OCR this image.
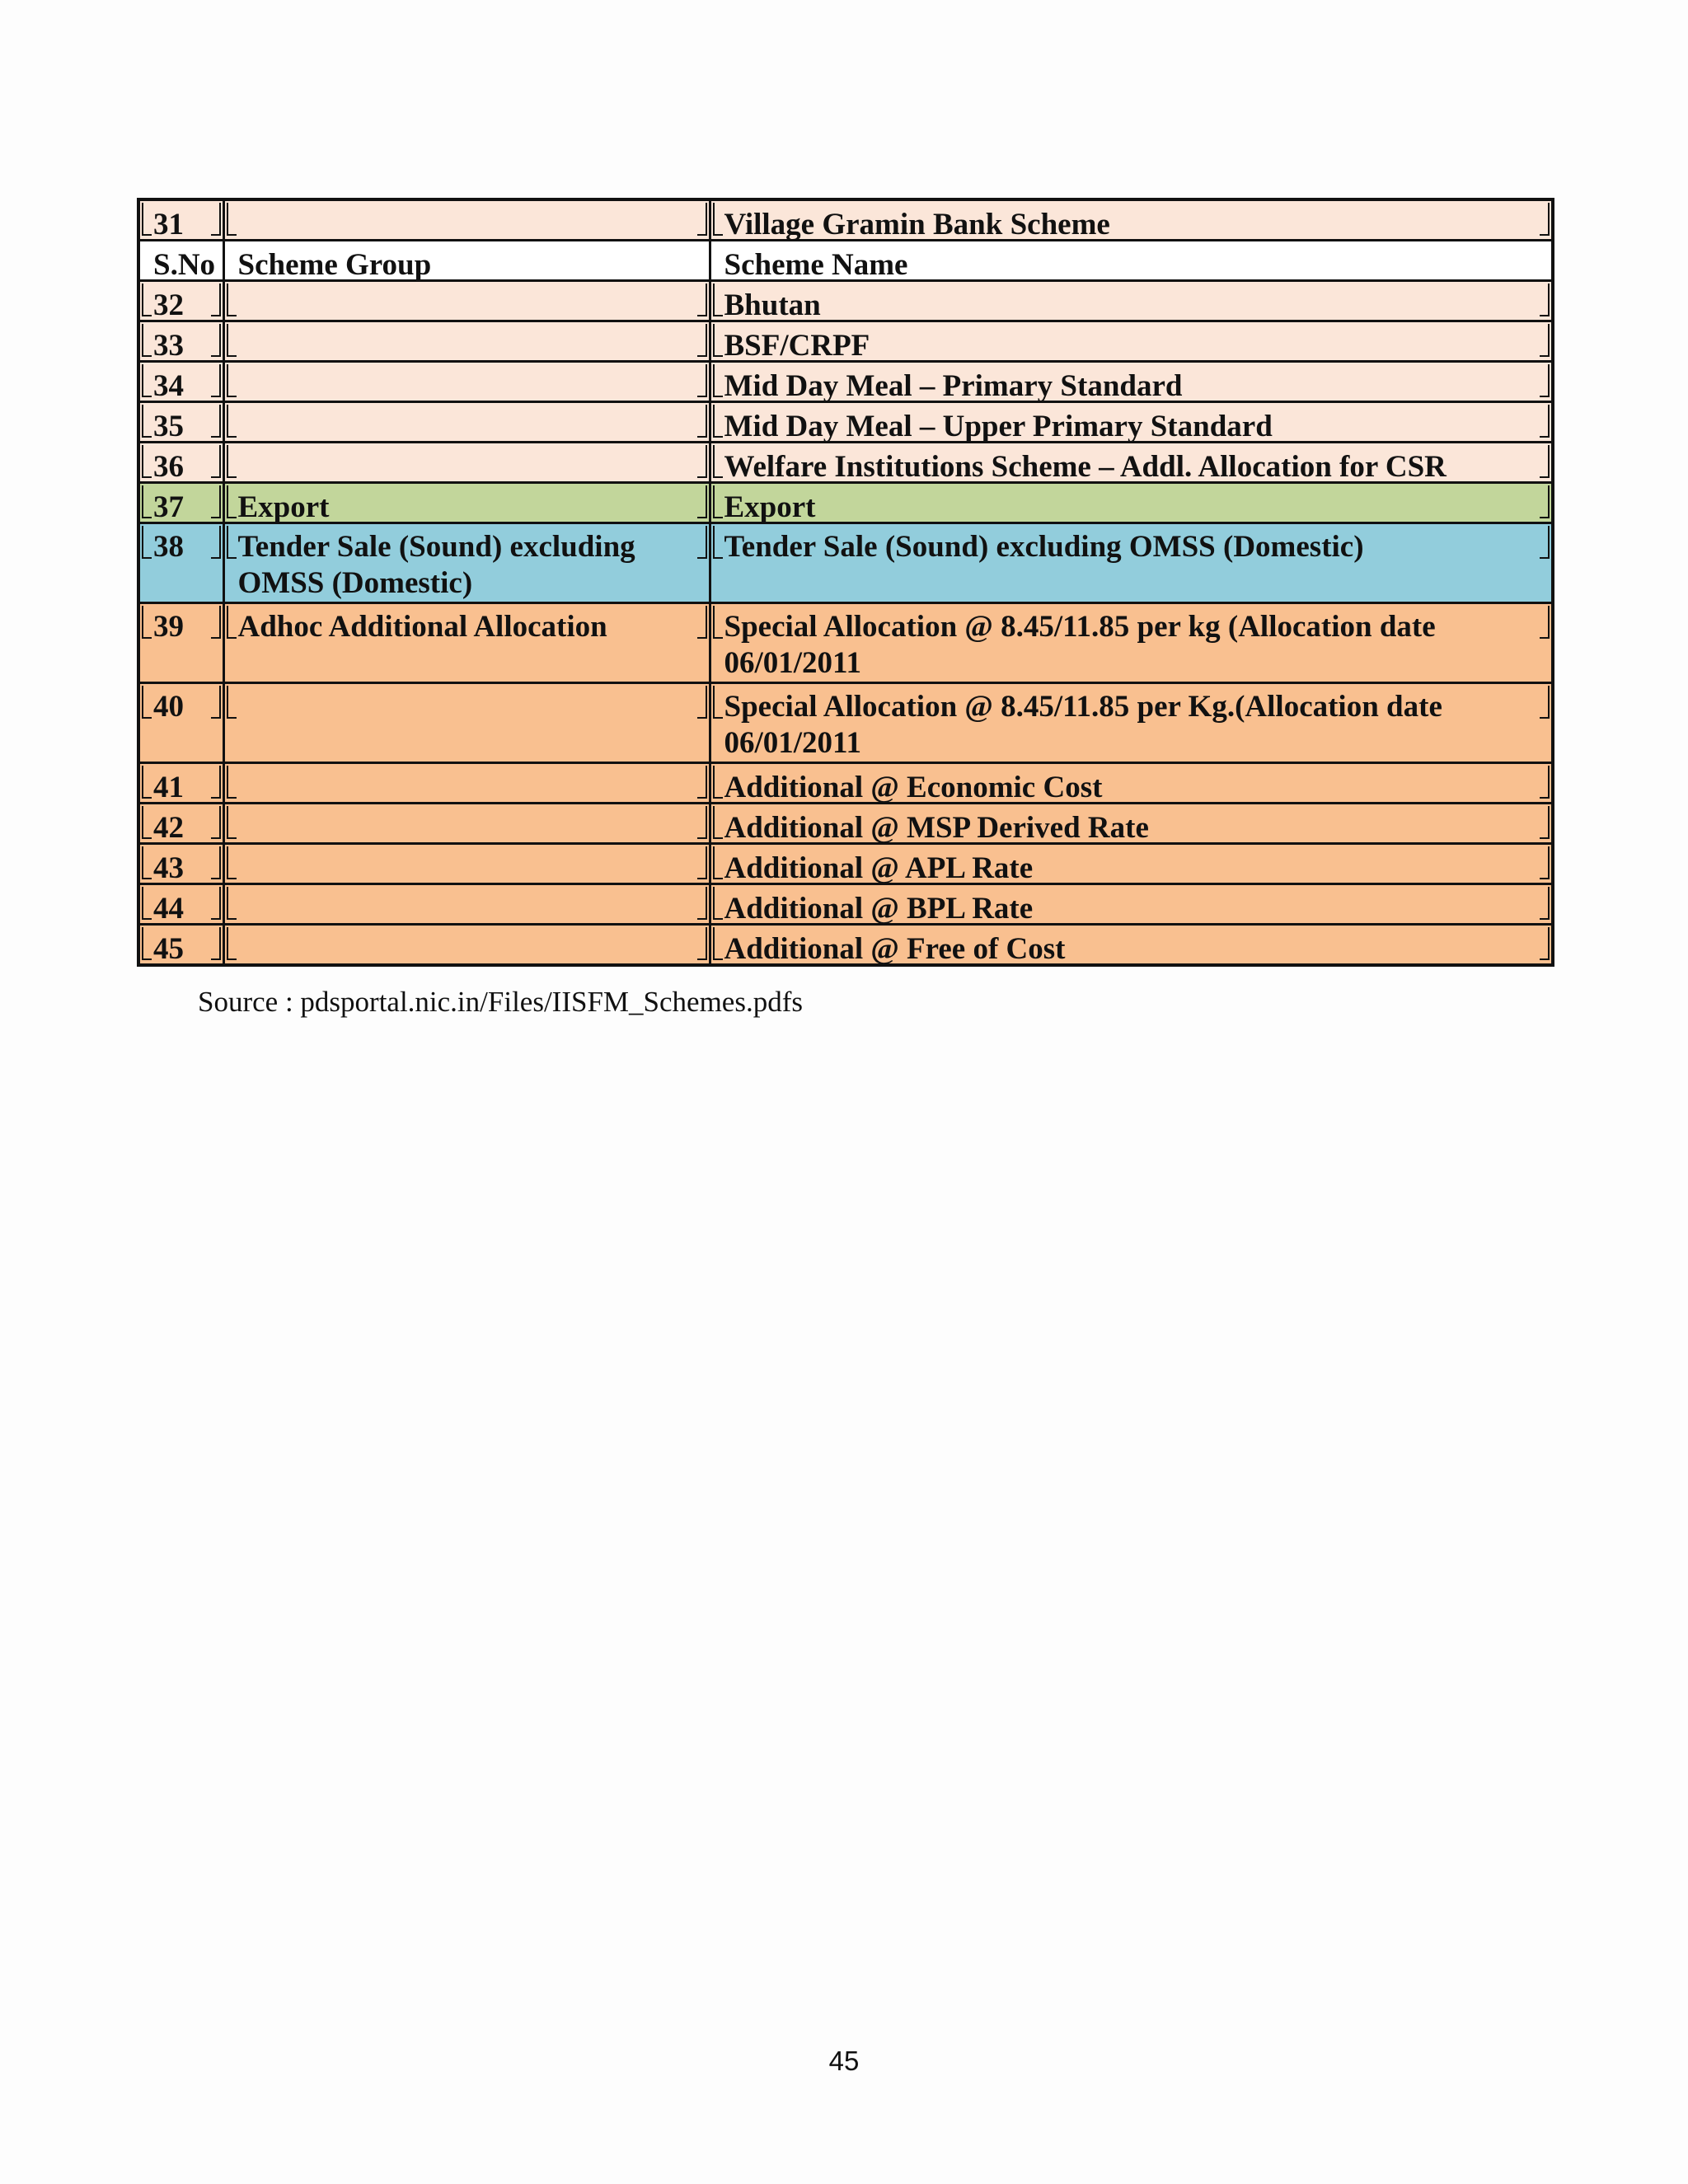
31		Village Gramin Bank Scheme

S.No	Scheme Group	Scheme Name

32		Bhutan

33		BSF/CRPF

34		Mid Day Meal – Primary Standard

35		Mid Day Meal – Upper Primary Standard

36		Welfare Institutions Scheme – Addl. Allocation for CSR

37	Export	Export

38	Tender Sale (Sound) excluding OMSS (Domestic)	Tender Sale (Sound) excluding OMSS (Domestic)

39	Adhoc Additional Allocation	Special Allocation @ 8.45/11.85 per kg (Allocation date 06/01/2011

40		Special Allocation @ 8.45/11.85 per Kg.(Allocation date 06/01/2011

41		Additional @ Economic Cost

42		Additional @ MSP Derived Rate

43		Additional @ APL Rate

44		Additional @ BPL Rate

45		Additional @ Free of Cost
Source : pdsportal.nic.in/Files/IISFM_Schemes.pdfs
45
